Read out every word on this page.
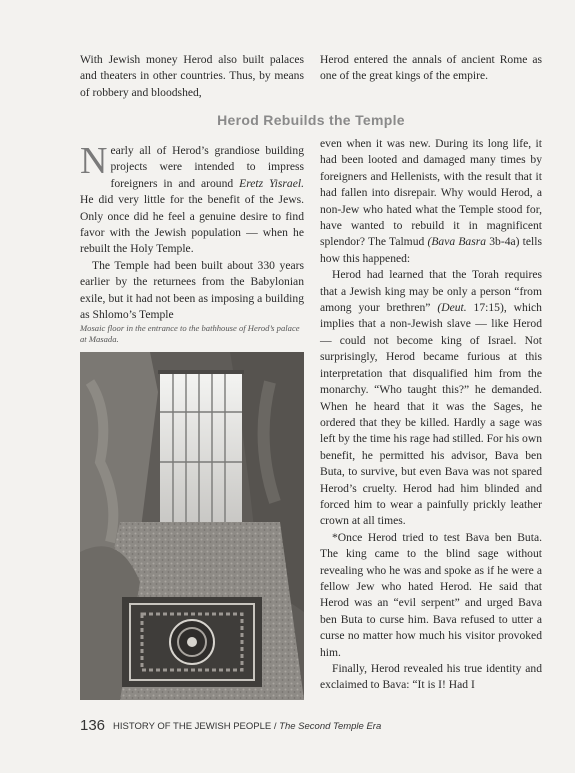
With Jewish money Herod also built palaces and theaters in other countries. Thus, by means of robbery and bloodshed,

Herod entered the annals of ancient Rome as one of the great kings of the empire.

Herod Rebuilds the Temple

Nearly all of Herod’s grandiose building projects were intended to impress foreigners in and around Eretz Yisrael. He did very little for the benefit of the Jews. Only once did he feel a genuine desire to find favor with the Jewish population — when he rebuilt the Holy Temple.

The Temple had been built about 330 years earlier by the returnees from the Babylonian exile, but it had not been as imposing a building as Shlomo’s Temple

Mosaic floor in the entrance to the bathhouse of Herod’s palace at Masada.

even when it was new. During its long life, it had been looted and damaged many times by foreigners and Hellenists, with the result that it had fallen into disrepair. Why would Herod, a non-Jew who hated what the Temple stood for, have wanted to rebuild it in magnificent splendor? The Talmud (Bava Basra 3b-4a) tells how this happened:

Herod had learned that the Torah requires that a Jewish king may be only a person “from among your brethren” (Deut. 17:15), which implies that a non-Jewish slave — like Herod — could not become king of Israel. Not surprisingly, Herod became furious at this interpretation that disqualified him from the monarchy. “Who taught this?” he demanded. When he heard that it was the Sages, he ordered that they be killed. Hardly a sage was left by the time his rage had stilled. For his own benefit, he permitted his advisor, Bava ben Buta, to survive, but even Bava was not spared Herod’s cruelty. Herod had him blinded and forced him to wear a painfully prickly leather crown at all times.

*Once Herod tried to test Bava ben Buta. The king came to the blind sage without revealing who he was and spoke as if he were a fellow Jew who hated Herod. He said that Herod was an “evil serpent” and urged Bava ben Buta to curse him. Bava refused to utter a curse no matter how much his visitor provoked him.

Finally, Herod revealed his true identity and exclaimed to Bava: “It is I! Had I

136 HISTORY OF THE JEWISH PEOPLE / The Second Temple Era
